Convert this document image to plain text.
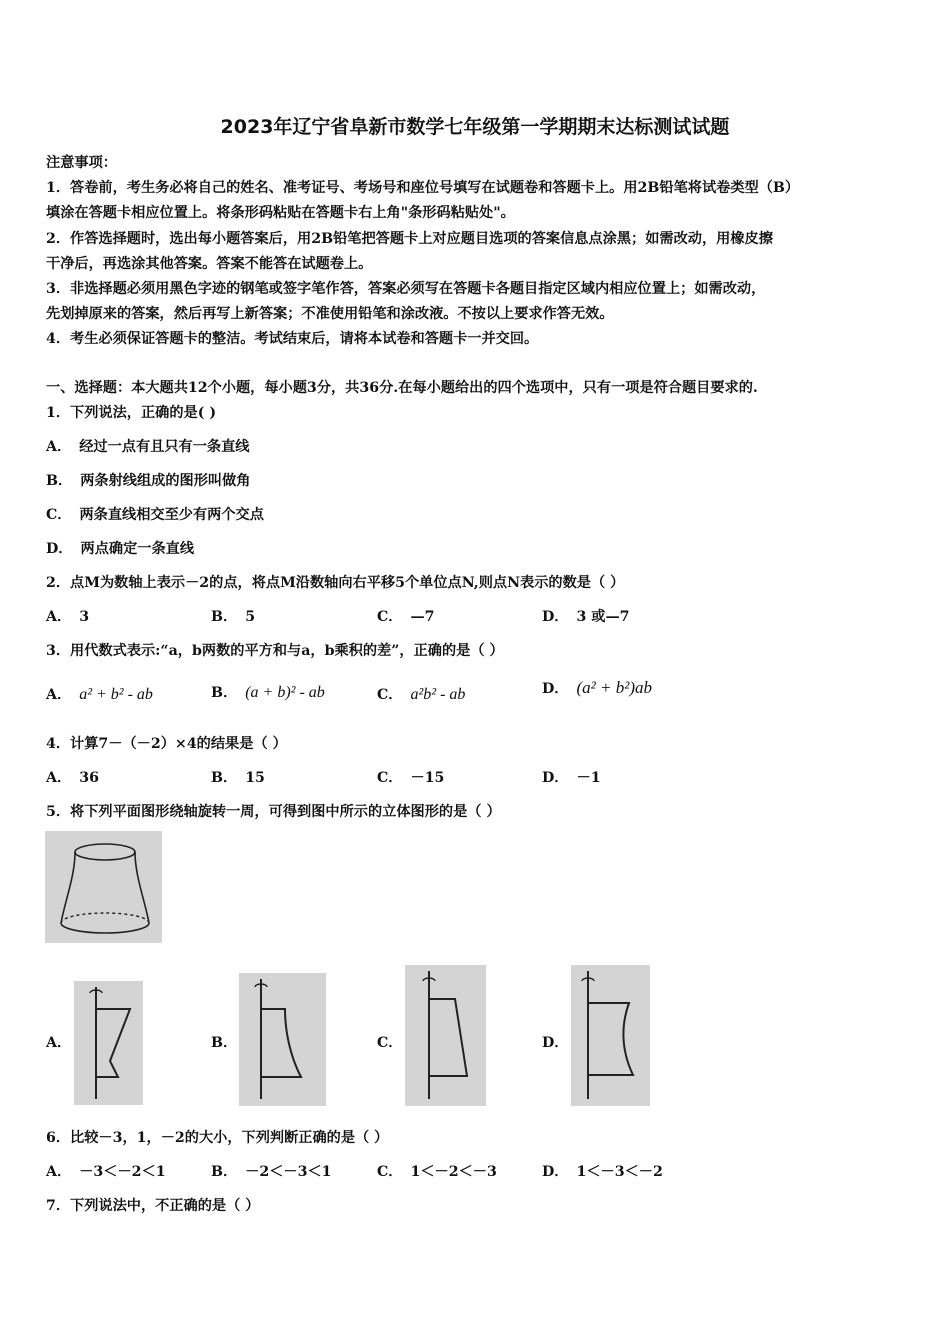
2023年辽宁省阜新市数学七年级第一学期期末达标测试试题
注意事项：
1．答卷前，考生务必将自己的姓名、准考证号、考场号和座位号填写在试题卷和答题卡上。用2B铅笔将试卷类型（B）
填涂在答题卡相应位置上。将条形码粘贴在答题卡右上角"条形码粘贴处"。
2．作答选择题时，选出每小题答案后，用2B铅笔把答题卡上对应题目选项的答案信息点涂黑；如需改动，用橡皮擦
干净后，再选涂其他答案。答案不能答在试题卷上。
3．非选择题必须用黑色字迹的钢笔或签字笔作答，答案必须写在答题卡各题目指定区域内相应位置上；如需改动，
先划掉原来的答案，然后再写上新答案；不准使用铅笔和涂改液。不按以上要求作答无效。
4．考生必须保证答题卡的整洁。考试结束后，请将本试卷和答题卡一并交回。
一、选择题：本大题共12个小题，每小题3分，共36分.在每小题给出的四个选项中，只有一项是符合题目要求的.
1．下列说法，正确的是( )
A． 经过一点有且只有一条直线
B． 两条射线组成的图形叫做角
C． 两条直线相交至少有两个交点
D． 两点确定一条直线
2．点M为数轴上表示－2的点，将点M沿数轴向右平移5个单位点N,则点N表示的数是（ ）
A． 3	B． 5	C． —7	D． 3 或—7
3．用代数式表示:“a，b两数的平方和与a，b乘积的差”，正确的是（ ）
A． a² + b² - ab	B． (a + b)² - ab	C． a²b² - ab	D． (a² + b²)ab
4．计算7－（－2）×4的结果是（ ）
A． 36	B． 15	C． －15	D． －1
5．将下列平面图形绕轴旋转一周，可得到图中所示的立体图形的是（ ）
A．	B．	C．	D．
6．比较－3，1，－2的大小，下列判断正确的是（ ）
A． －3＜－2＜1	B． －2＜－3＜1	C． 1＜－2＜－3	D． 1＜－3＜－2
7．下列说法中，不正确的是（ ）
